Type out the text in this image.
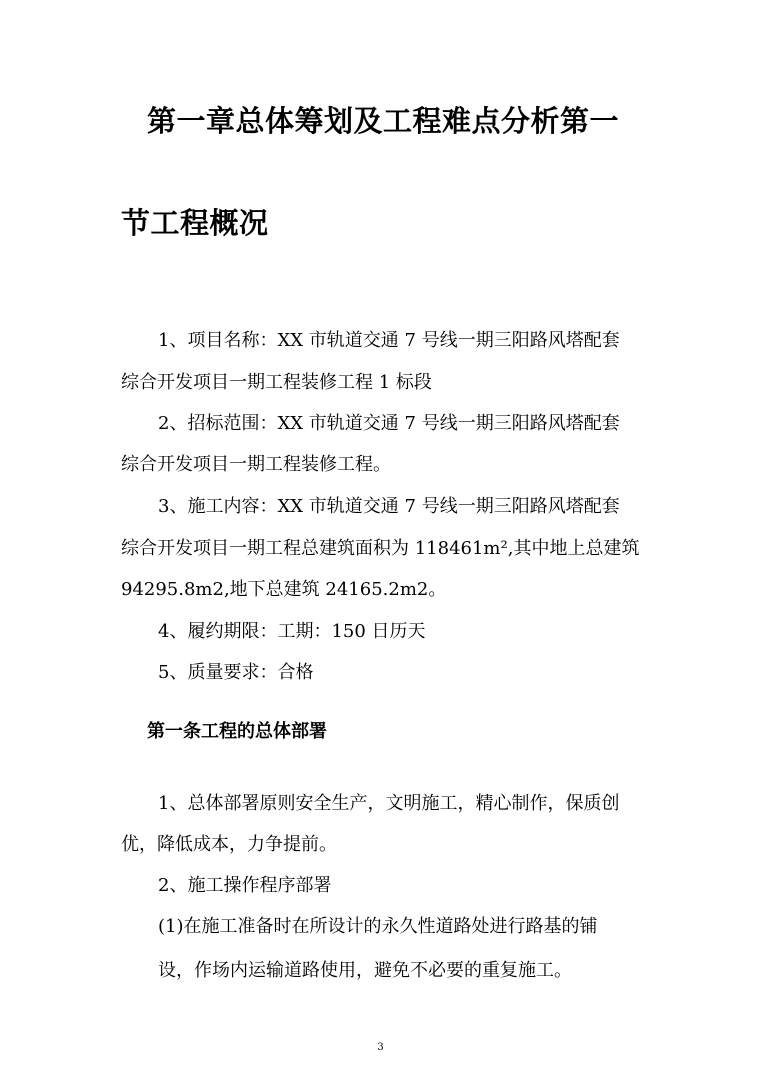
第一章总体筹划及工程难点分析第一
节工程概况
1、项目名称：XX 市轨道交通 7 号线一期三阳路风塔配套
综合开发项目一期工程装修工程 1 标段
2、招标范围：XX 市轨道交通 7 号线一期三阳路风塔配套
综合开发项目一期工程装修工程。
3、施工内容：XX 市轨道交通 7 号线一期三阳路风塔配套
综合开发项目一期工程总建筑面积为 118461m²,其中地上总建筑
94295.8m2,地下总建筑 24165.2m2。
4、履约期限：工期：150 日历天
5、质量要求：合格
第一条工程的总体部署
1、总体部署原则安全生产，文明施工，精心制作，保质创
优，降低成本，力争提前。
2、施工操作程序部署
(1)在施工准备时在所设计的永久性道路处进行路基的铺
设，作场内运输道路使用，避免不必要的重复施工。
3
